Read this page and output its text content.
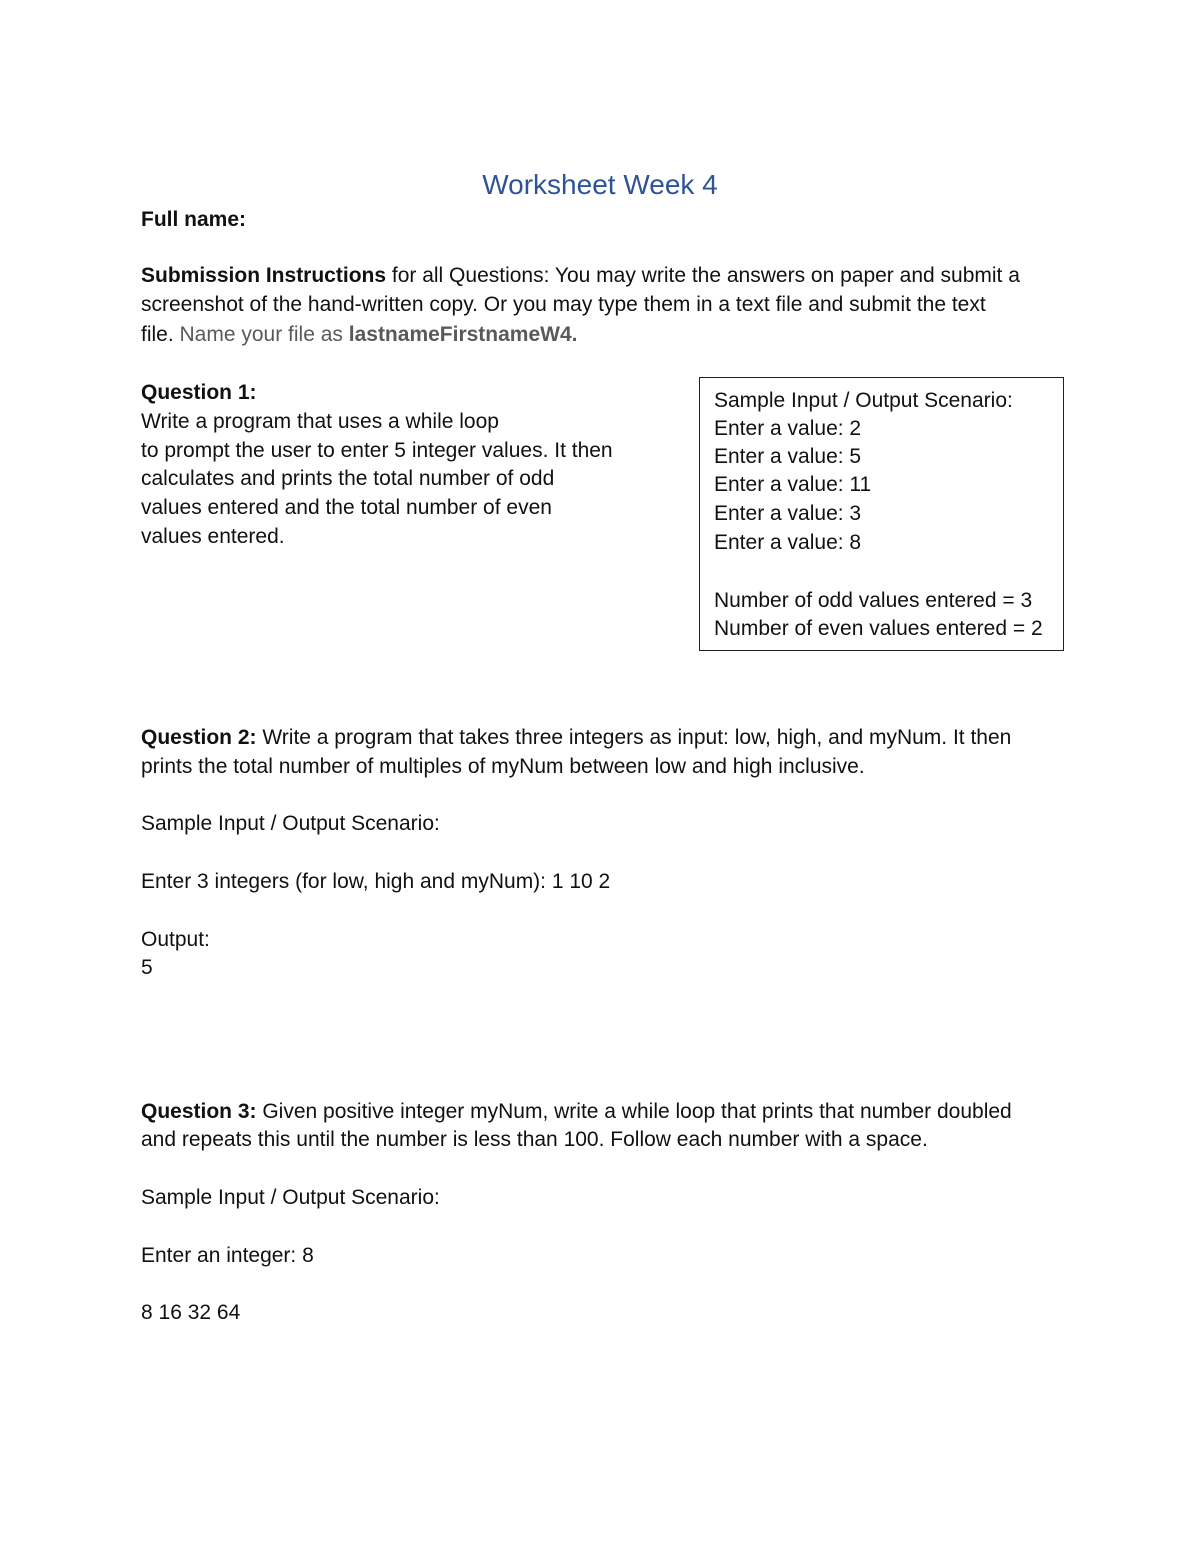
Worksheet Week 4
Full name:
Submission Instructions for all Questions: You may write the answers on paper and submit a
screenshot of the hand-written copy. Or you may type them in a text file and submit the text
file. Name your file as lastnameFirstnameW4.
Question 1:
Write a program that uses a while loop
to prompt the user to enter 5 integer values. It then
calculates and prints the total number of odd
values entered and the total number of even
values entered.
Sample Input / Output Scenario:
Enter a value: 2
Enter a value: 5
Enter a value: 11
Enter a value: 3
Enter a value: 8
Number of odd values entered = 3
Number of even values entered = 2
Question 2: Write a program that takes three integers as input: low, high, and myNum. It then
prints the total number of multiples of myNum between low and high inclusive.
Sample Input / Output Scenario:
Enter 3 integers (for low, high and myNum): 1 10 2
Output:
5
Question 3: Given positive integer myNum, write a while loop that prints that number doubled
and repeats this until the number is less than 100. Follow each number with a space.
Sample Input / Output Scenario:
Enter an integer: 8
8 16 32 64
